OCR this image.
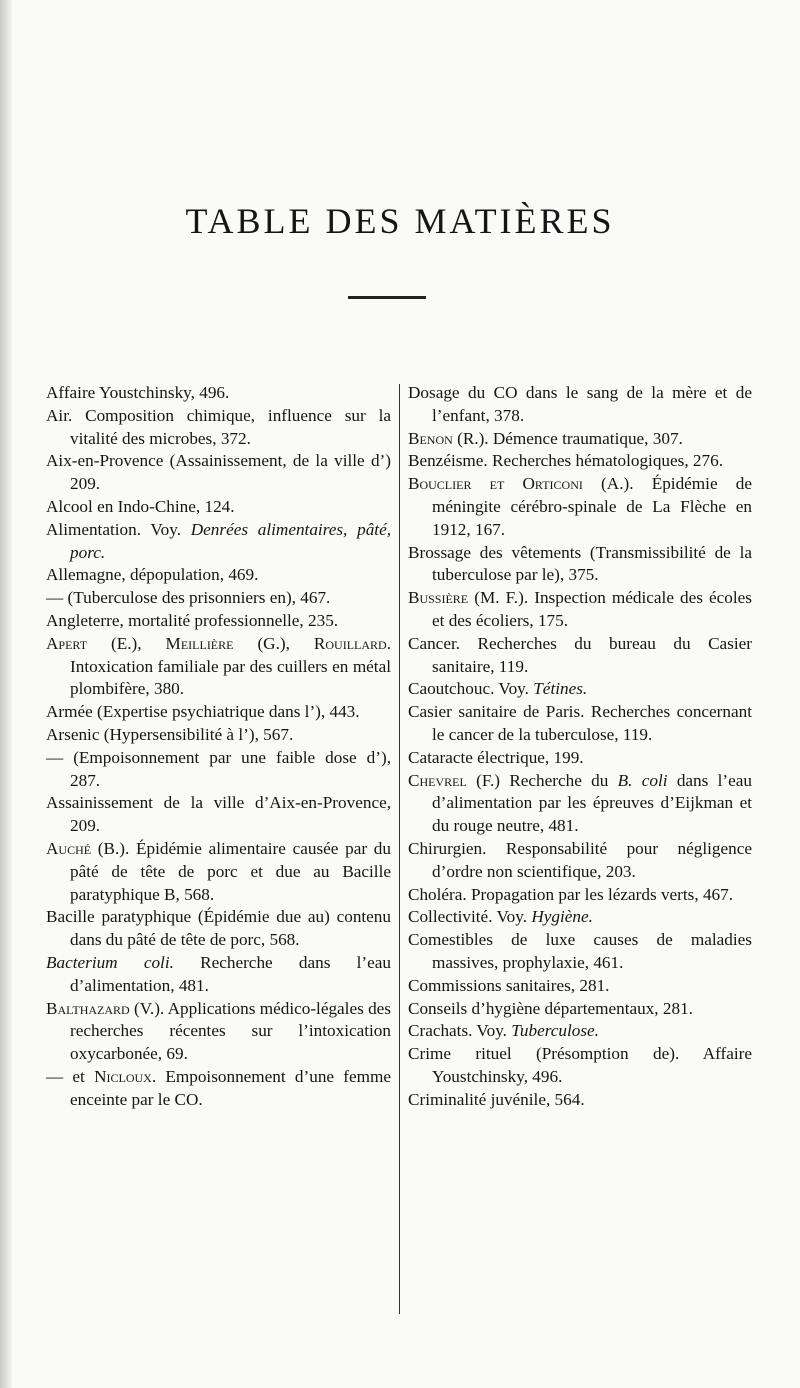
TABLE DES MATIÈRES

Affaire Youstchinsky, 496.

Air. Composition chimique, influence sur la vitalité des microbes, 372.

Aix-en-Provence (Assainissement, de la ville d’) 209.

Alcool en Indo-Chine, 124.

Alimentation. Voy. Denrées alimentaires, pâté, porc.

Allemagne, dépopulation, 469.

— (Tuberculose des prisonniers en), 467.

Angleterre, mortalité professionnelle, 235.

Apert (E.), Meillière (G.), Rouillard. Intoxication familiale par des cuillers en métal plombifère, 380.

Armée (Expertise psychiatrique dans l’), 443.

Arsenic (Hypersensibilité à l’), 567.

— (Empoisonnement par une faible dose d’), 287.

Assainissement de la ville d’Aix-en-Provence, 209.

Auché (B.). Épidémie alimentaire causée par du pâté de tête de porc et due au Bacille paratyphique B, 568.

Bacille paratyphique (Épidémie due au) contenu dans du pâté de tête de porc, 568.

Bacterium coli. Recherche dans l’eau d’alimentation, 481.

Balthazard (V.). Applications médico-légales des recherches récentes sur l’intoxication oxycarbonée, 69.

— et Nicloux. Empoisonnement d’une femme enceinte par le CO.

Dosage du CO dans le sang de la mère et de l’enfant, 378.

Benon (R.). Démence traumatique, 307.

Benzéisme. Recherches hématologiques, 276.

Bouclier et Orticoni (A.). Épidémie de méningite cérébro-spinale de La Flèche en 1912, 167.

Brossage des vêtements (Transmissibilité de la tuberculose par le), 375.

Bussière (M. F.). Inspection médicale des écoles et des écoliers, 175.

Cancer. Recherches du bureau du Casier sanitaire, 119.

Caoutchouc. Voy. Tétines.

Casier sanitaire de Paris. Recherches concernant le cancer de la tuberculose, 119.

Cataracte électrique, 199.

Chevrel (F.) Recherche du B. coli dans l’eau d’alimentation par les épreuves d’Eijkman et du rouge neutre, 481.

Chirurgien. Responsabilité pour négligence d’ordre non scientifique, 203.

Choléra. Propagation par les lézards verts, 467.

Collectivité. Voy. Hygiène.

Comestibles de luxe causes de maladies massives, prophylaxie, 461.

Commissions sanitaires, 281.

Conseils d’hygiène départementaux, 281.

Crachats. Voy. Tuberculose.

Crime rituel (Présomption de). Affaire Youstchinsky, 496.

Criminalité juvénile, 564.
